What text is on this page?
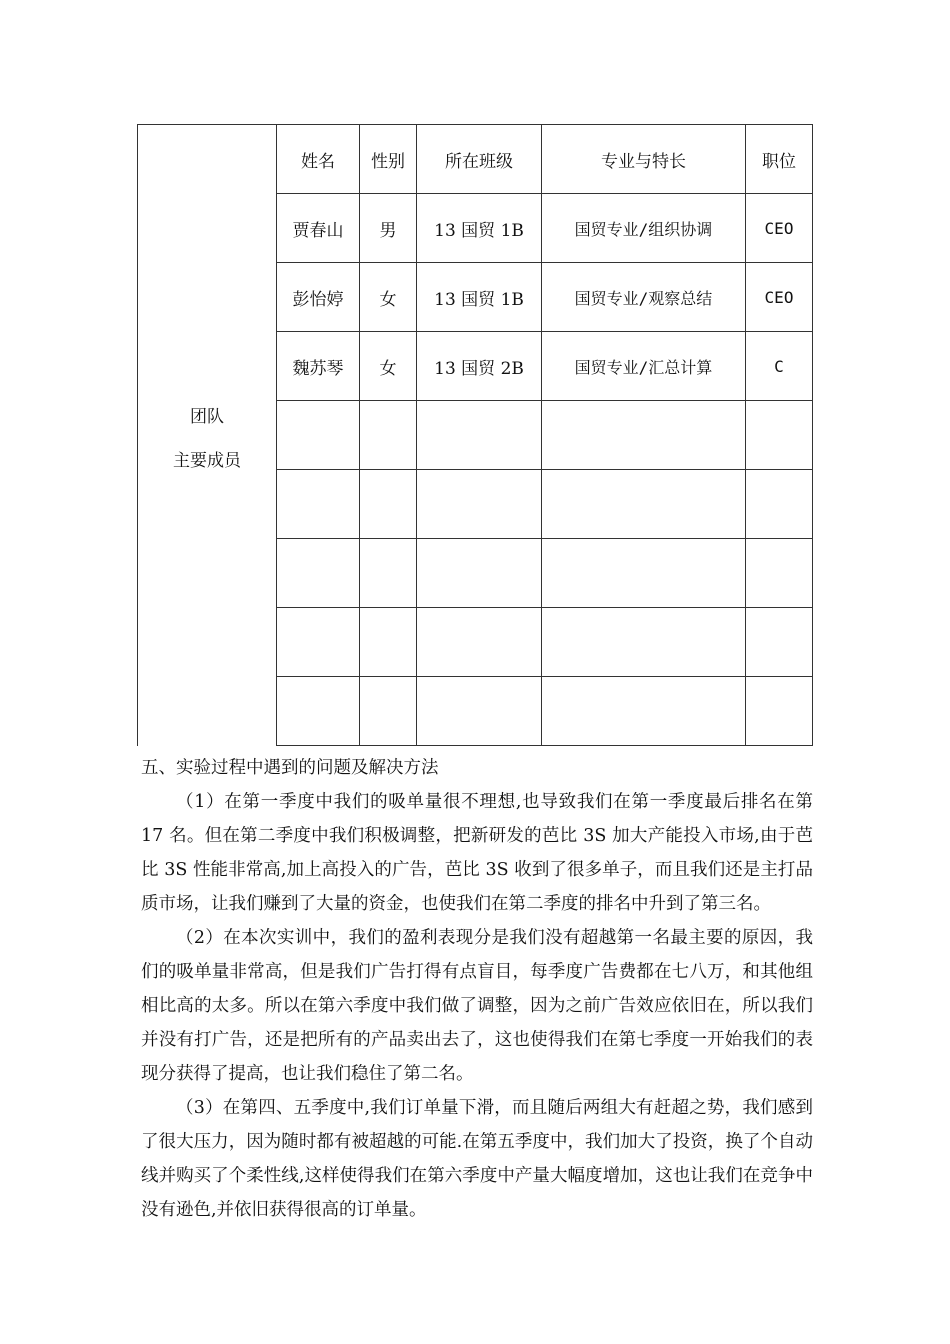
团队
主要成员	姓名	性别	所在班级	专业与特长	职位
	贾春山	男	13 国贸 1B	国贸专业/组织协调	CEO
	彭怡婷	女	13 国贸 1B	国贸专业/观察总结	CEO
	魏苏琴	女	13 国贸 2B	国贸专业/汇总计算	C

五、实验过程中遇到的问题及解决方法

（1）在第一季度中我们的吸单量很不理想,也导致我们在第一季度最后排名在第 17 名。但在第二季度中我们积极调整，把新研发的芭比 3S 加大产能投入市场,由于芭比 3S 性能非常高,加上高投入的广告，芭比 3S 收到了很多单子，而且我们还是主打品质市场，让我们赚到了大量的资金，也使我们在第二季度的排名中升到了第三名。

（2）在本次实训中，我们的盈利表现分是我们没有超越第一名最主要的原因，我们的吸单量非常高，但是我们广告打得有点盲目，每季度广告费都在七八万，和其他组相比高的太多。所以在第六季度中我们做了调整，因为之前广告效应依旧在，所以我们并没有打广告，还是把所有的产品卖出去了，这也使得我们在第七季度一开始我们的表现分获得了提高，也让我们稳住了第二名。

（3）在第四、五季度中,我们订单量下滑，而且随后两组大有赶超之势，我们感到了很大压力，因为随时都有被超越的可能.在第五季度中，我们加大了投资，换了个自动线并购买了个柔性线,这样使得我们在第六季度中产量大幅度增加，这也让我们在竞争中没有逊色,并依旧获得很高的订单量。
